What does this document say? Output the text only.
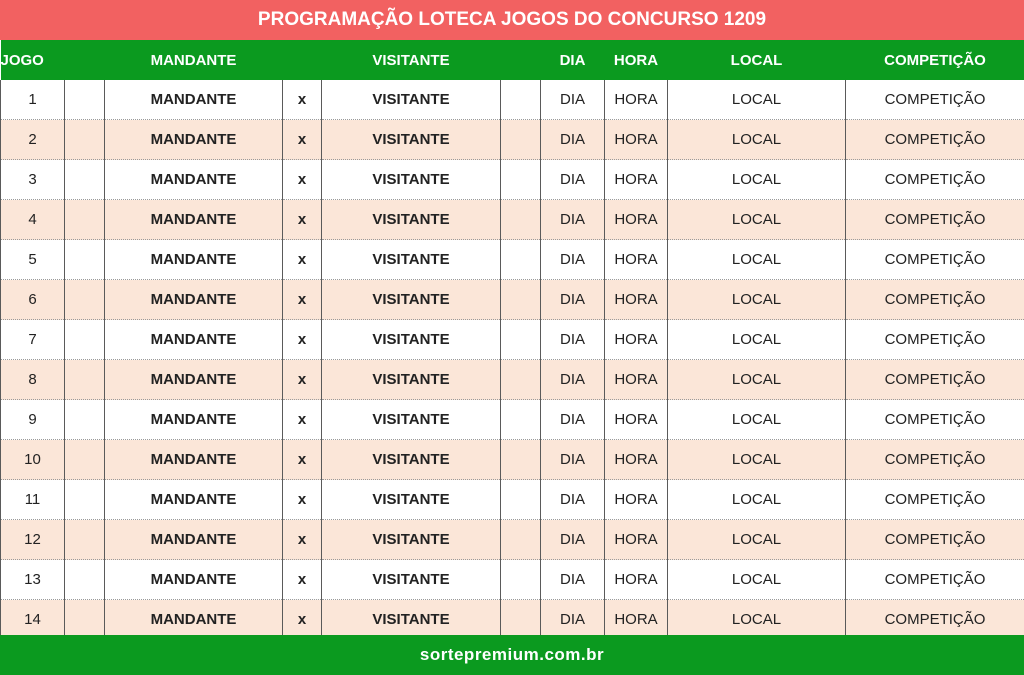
PROGRAMAÇÃO LOTECA JOGOS DO CONCURSO 1209
JOGO		MANDANTE		VISITANTE		DIA	HORA	LOCAL	COMPETIÇÃO
1		MANDANTE	x	VISITANTE		DIA	HORA	LOCAL	COMPETIÇÃO
2		MANDANTE	x	VISITANTE		DIA	HORA	LOCAL	COMPETIÇÃO
3		MANDANTE	x	VISITANTE		DIA	HORA	LOCAL	COMPETIÇÃO
4		MANDANTE	x	VISITANTE		DIA	HORA	LOCAL	COMPETIÇÃO
5		MANDANTE	x	VISITANTE		DIA	HORA	LOCAL	COMPETIÇÃO
6		MANDANTE	x	VISITANTE		DIA	HORA	LOCAL	COMPETIÇÃO
7		MANDANTE	x	VISITANTE		DIA	HORA	LOCAL	COMPETIÇÃO
8		MANDANTE	x	VISITANTE		DIA	HORA	LOCAL	COMPETIÇÃO
9		MANDANTE	x	VISITANTE		DIA	HORA	LOCAL	COMPETIÇÃO
10		MANDANTE	x	VISITANTE		DIA	HORA	LOCAL	COMPETIÇÃO
11		MANDANTE	x	VISITANTE		DIA	HORA	LOCAL	COMPETIÇÃO
12		MANDANTE	x	VISITANTE		DIA	HORA	LOCAL	COMPETIÇÃO
13		MANDANTE	x	VISITANTE		DIA	HORA	LOCAL	COMPETIÇÃO
14		MANDANTE	x	VISITANTE		DIA	HORA	LOCAL	COMPETIÇÃO
sortepremium.com.br
